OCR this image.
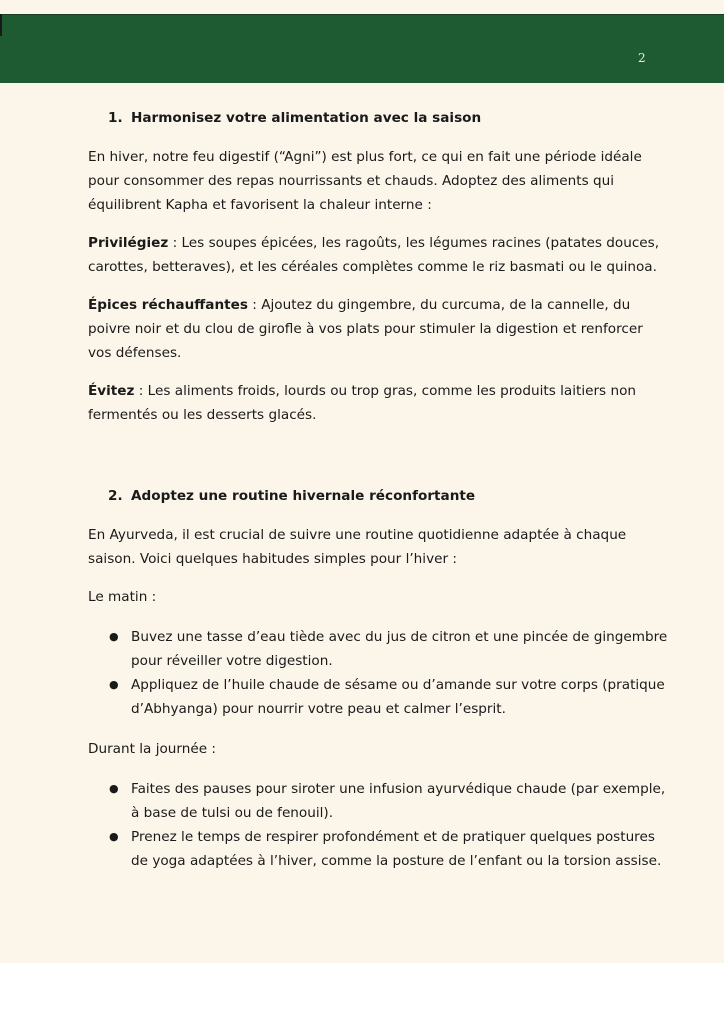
2
1. Harmonisez votre alimentation avec la saison

En hiver, notre feu digestif (“Agni”) est plus fort, ce qui en fait une période idéale pour consommer des repas nourrissants et chauds. Adoptez des aliments qui équilibrent Kapha et favorisent la chaleur interne :

Privilégiez : Les soupes épicées, les ragoûts, les légumes racines (patates douces, carottes, betteraves), et les céréales complètes comme le riz basmati ou le quinoa.

Épices réchauffantes : Ajoutez du gingembre, du curcuma, de la cannelle, du poivre noir et du clou de girofle à vos plats pour stimuler la digestion et renforcer vos défenses.

Évitez : Les aliments froids, lourds ou trop gras, comme les produits laitiers non fermentés ou les desserts glacés.

2. Adoptez une routine hivernale réconfortante

En Ayurveda, il est crucial de suivre une routine quotidienne adaptée à chaque saison. Voici quelques habitudes simples pour l’hiver :

Le matin :

● Buvez une tasse d’eau tiède avec du jus de citron et une pincée de gingembre pour réveiller votre digestion.
● Appliquez de l’huile chaude de sésame ou d’amande sur votre corps (pratique d’Abhyanga) pour nourrir votre peau et calmer l’esprit.

Durant la journée :

● Faites des pauses pour siroter une infusion ayurvédique chaude (par exemple, à base de tulsi ou de fenouil).
● Prenez le temps de respirer profondément et de pratiquer quelques postures de yoga adaptées à l’hiver, comme la posture de l’enfant ou la torsion assise.
